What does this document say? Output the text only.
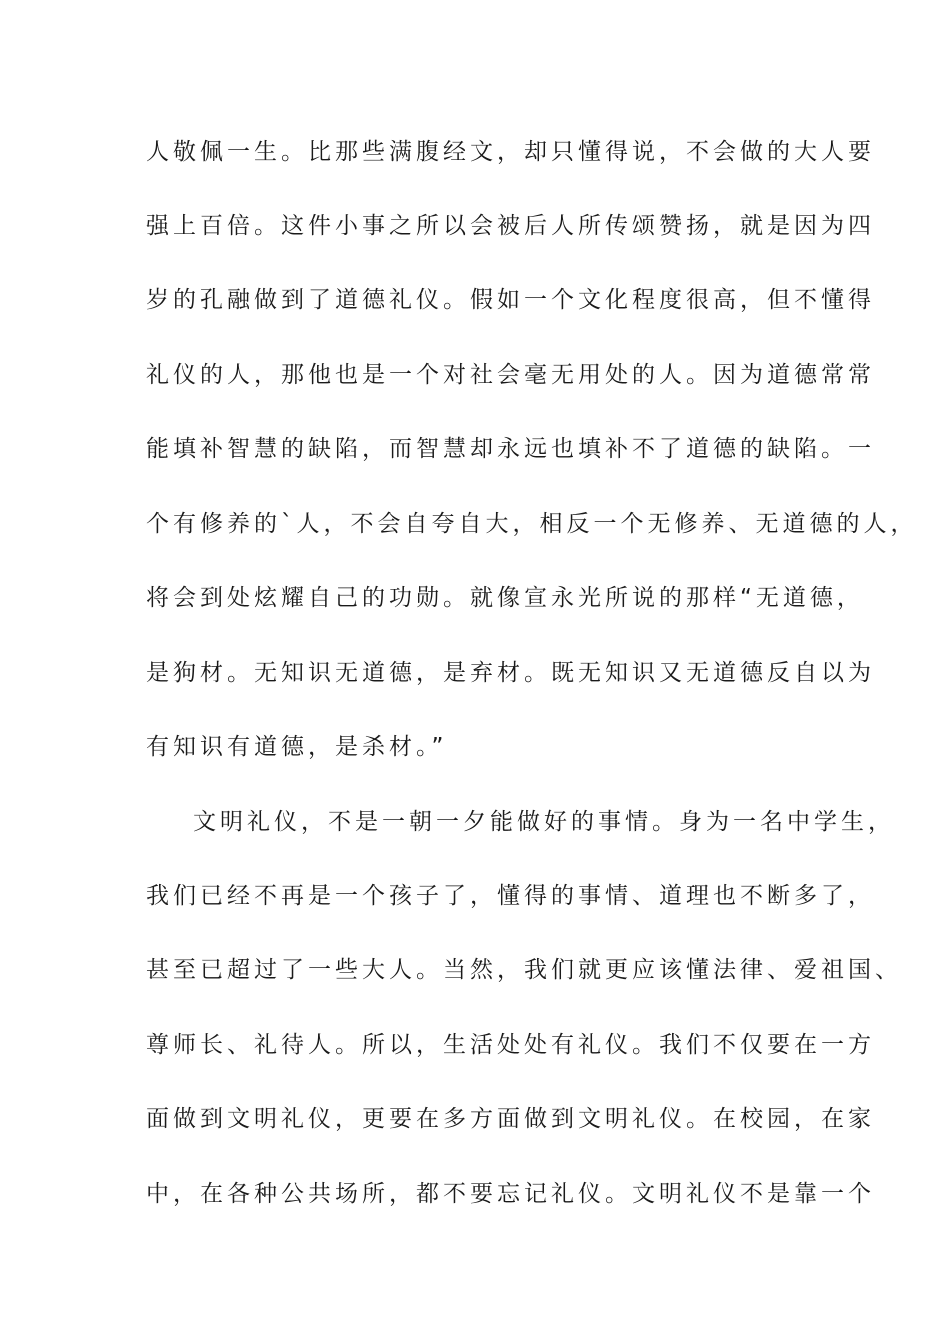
人敬佩一生。比那些满腹经文，却只懂得说，不会做的大人要
强上百倍。这件小事之所以会被后人所传颂赞扬，就是因为四
岁的孔融做到了道德礼仪。假如一个文化程度很高，但不懂得
礼仪的人，那他也是一个对社会毫无用处的人。因为道德常常
能填补智慧的缺陷，而智慧却永远也填补不了道德的缺陷。一
个有修养的`人，不会自夸自大，相反一个无修养、无道德的人，
将会到处炫耀自己的功勋。就像宣永光所说的那样“无道德，
是狗材。无知识无道德，是弃材。既无知识又无道德反自以为
有知识有道德，是杀材。”
文明礼仪，不是一朝一夕能做好的事情。身为一名中学生，
我们已经不再是一个孩子了，懂得的事情、道理也不断多了，
甚至已超过了一些大人。当然，我们就更应该懂法律、爱祖国、
尊师长、礼待人。所以，生活处处有礼仪。我们不仅要在一方
面做到文明礼仪，更要在多方面做到文明礼仪。在校园，在家
中，在各种公共场所，都不要忘记礼仪。文明礼仪不是靠一个
